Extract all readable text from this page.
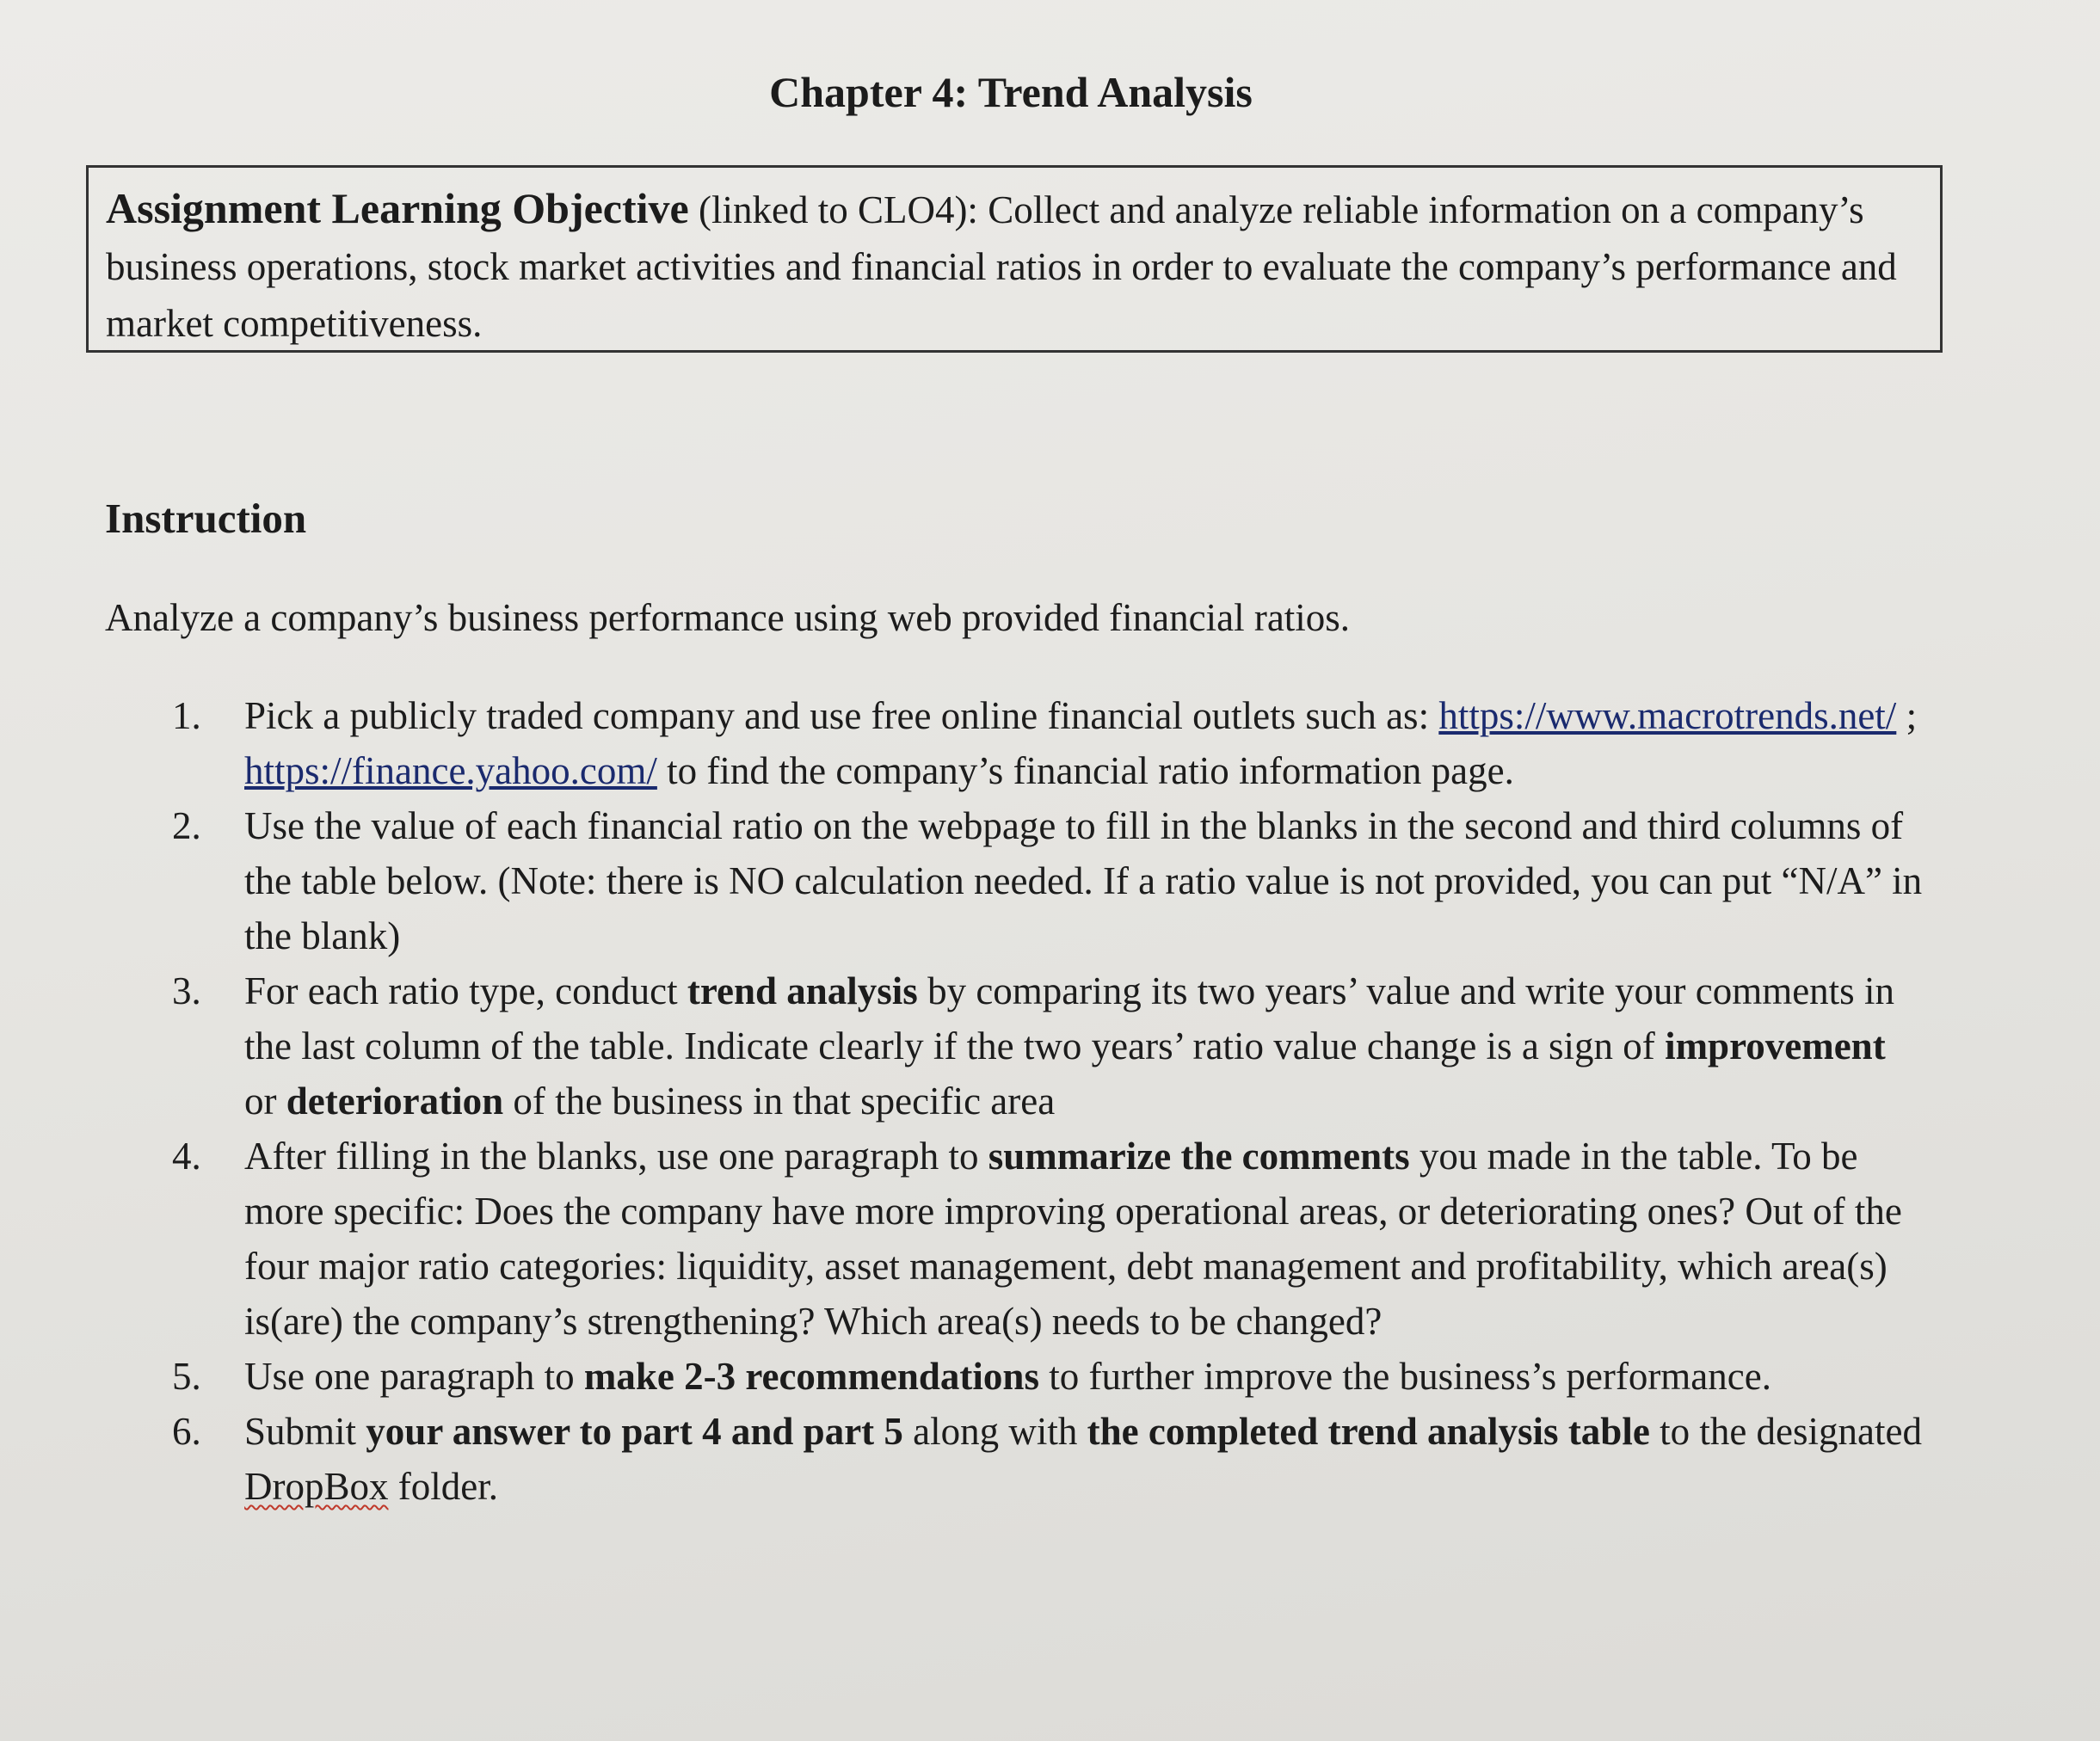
Chapter 4: Trend Analysis
Assignment Learning Objective (linked to CLO4): Collect and analyze reliable information on a company’s business operations, stock market activities and financial ratios in order to evaluate the company’s performance and market competitiveness.
Instruction
Analyze a company’s business performance using web provided financial ratios.
1. Pick a publicly traded company and use free online financial outlets such as: https://www.macrotrends.net/ ; https://finance.yahoo.com/ to find the company’s financial ratio information page.
2. Use the value of each financial ratio on the webpage to fill in the blanks in the second and third columns of the table below. (Note: there is NO calculation needed. If a ratio value is not provided, you can put “N/A” in the blank)
3. For each ratio type, conduct trend analysis by comparing its two years’ value and write your comments in the last column of the table. Indicate clearly if the two years’ ratio value change is a sign of improvement or deterioration of the business in that specific area
4. After filling in the blanks, use one paragraph to summarize the comments you made in the table. To be more specific: Does the company have more improving operational areas, or deteriorating ones? Out of the four major ratio categories: liquidity, asset management, debt management and profitability, which area(s) is(are) the company’s strengthening? Which area(s) needs to be changed?
5. Use one paragraph to make 2-3 recommendations to further improve the business’s performance.
6. Submit your answer to part 4 and part 5 along with the completed trend analysis table to the designated DropBox folder.
